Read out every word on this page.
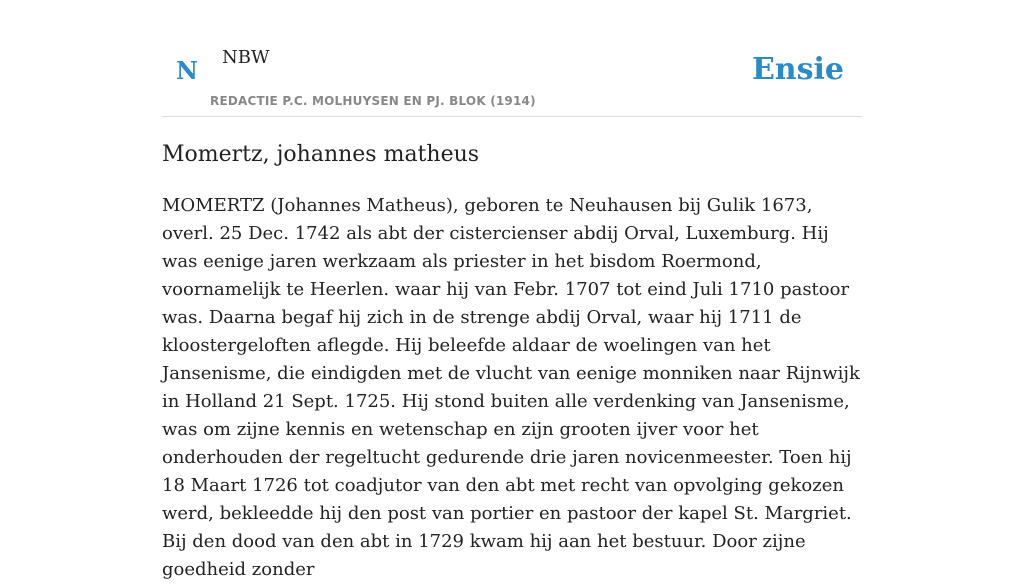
N NBW
REDACTIE P.C. MOLHUYSEN EN PJ. BLOK (1914)
Ensie
Momertz, johannes matheus

MOMERTZ (Johannes Matheus), geboren te Neuhausen bij Gulik 1673, overl. 25 Dec. 1742 als abt der cistercienser abdij Orval, Luxemburg. Hij was eenige jaren werkzaam als priester in het bisdom Roermond, voornamelijk te Heerlen. waar hij van Febr. 1707 tot eind Juli 1710 pastoor was. Daarna begaf hij zich in de strenge abdij Orval, waar hij 1711 de kloostergeloften aflegde. Hij beleefde aldaar de woelingen van het Jansenisme, die eindigden met de vlucht van eenige monniken naar Rijnwijk in Holland 21 Sept. 1725. Hij stond buiten alle verdenking van Jansenisme, was om zijne kennis en wetenschap en zijn grooten ijver voor het onderhouden der regeltucht gedurende drie jaren novicenmeester. Toen hij 18 Maart 1726 tot coadjutor van den abt met recht van opvolging gekozen werd, bekleedde hij den post van portier en pastoor der kapel St. Margriet. Bij den dood van den abt in 1729 kwam hij aan het bestuur. Door zijne goedheid zonder
